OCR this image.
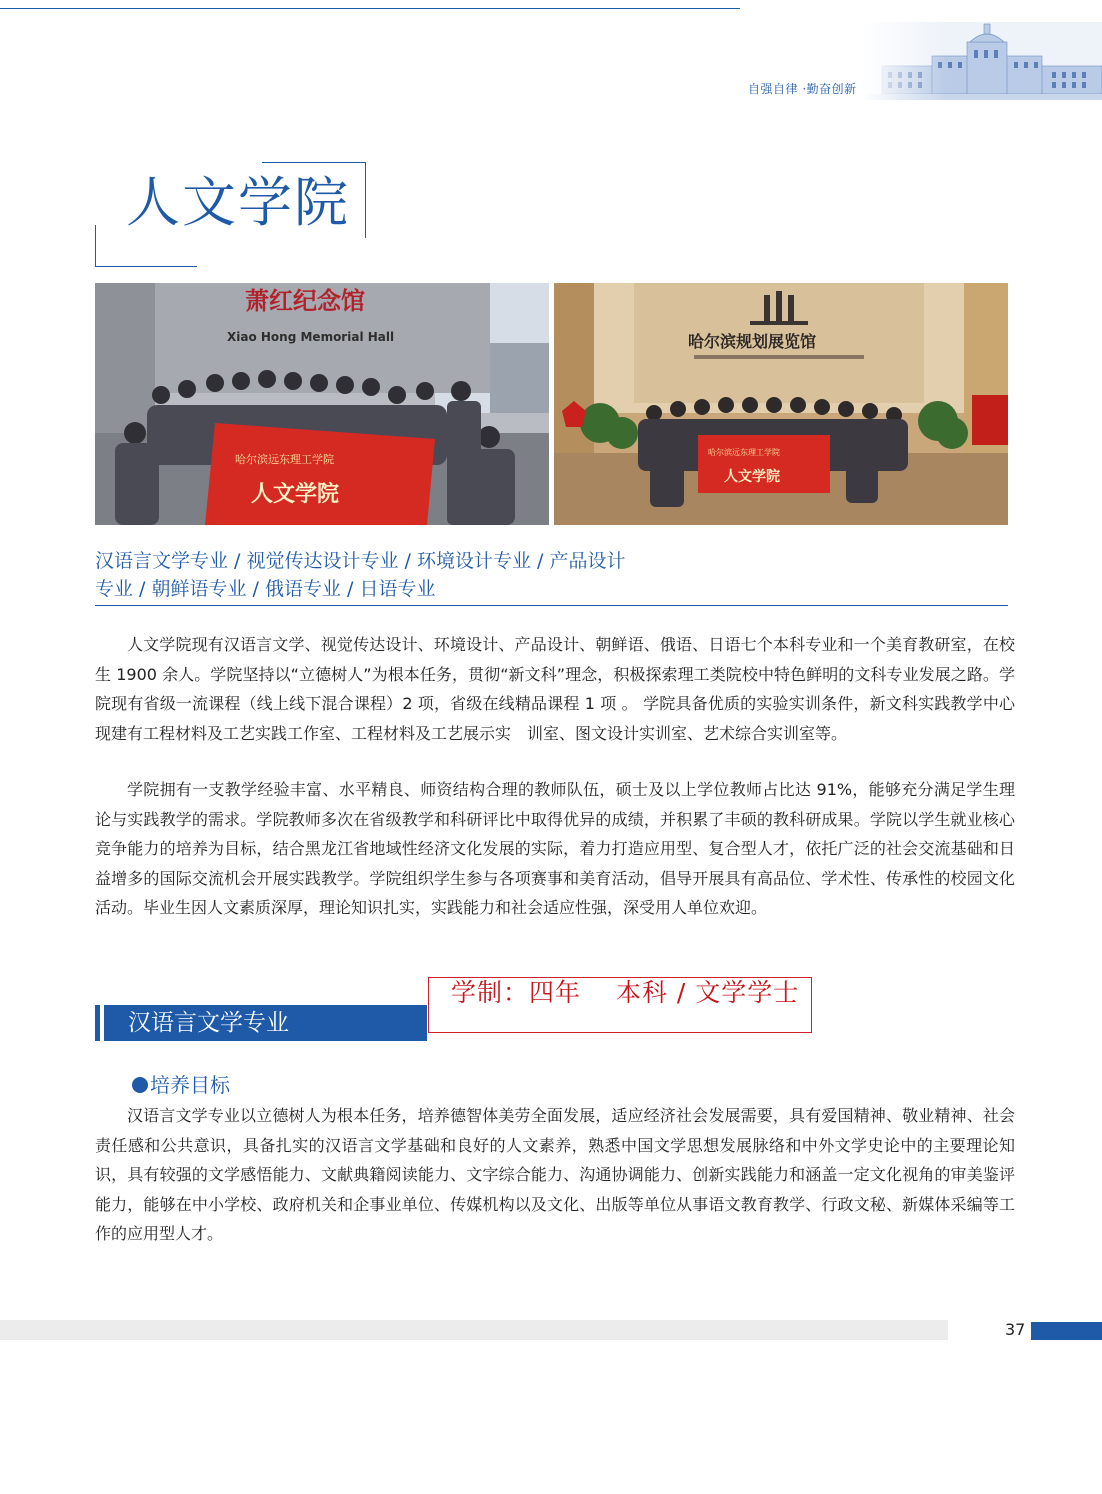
自强自律 ·勤奋创新
人文学院
萧红纪念馆
Xiao Hong Memorial Hall
哈尔滨远东理工学院
人文学院
哈尔滨规划展览馆
哈尔滨远东理工学院
人文学院
汉语言文学专业 / 视觉传达设计专业 / 环境设计专业 / 产品设计
专业 / 朝鲜语专业 / 俄语专业 / 日语专业

人文学院现有汉语言文学、视觉传达设计、环境设计、产品设计、朝鲜语、俄语、日语七个本科专业和一个美育教研室，在校生 1900 余人。学院坚持以“立德树人”为根本任务，贯彻“新文科”理念，积极探索理工类院校中特色鲜明的文科专业发展之路。学院现有省级一流课程（线上线下混合课程）2 项，省级在线精品课程 1 项 。 学院具备优质的实验实训条件，新文科实践教学中心现建有工程材料及工艺实践工作室、工程材料及工艺展示实　训室、图文设计实训室、艺术综合实训室等。

学院拥有一支教学经验丰富、水平精良、师资结构合理的教师队伍，硕士及以上学位教师占比达 91%，能够充分满足学生理论与实践教学的需求。学院教师多次在省级教学和科研评比中取得优异的成绩，并积累了丰硕的教科研成果。学院以学生就业核心竞争能力的培养为目标，结合黑龙江省地域性经济文化发展的实际，着力打造应用型、复合型人才，依托广泛的社会交流基础和日益增多的国际交流机会开展实践教学。学院组织学生参与各项赛事和美育活动，倡导开展具有高品位、学术性、传承性的校园文化活动。毕业生因人文素质深厚，理论知识扎实，实践能力和社会适应性强，深受用人单位欢迎。

汉语言文学专业
学制：四年　 本科 / 文学学士
培养目标

汉语言文学专业以立德树人为根本任务，培养德智体美劳全面发展，适应经济社会发展需要，具有爱国精神、敬业精神、社会责任感和公共意识，具备扎实的汉语言文学基础和良好的人文素养，熟悉中国文学思想发展脉络和中外文学史论中的主要理论知识，具有较强的文学感悟能力、文献典籍阅读能力、文字综合能力、沟通协调能力、创新实践能力和涵盖一定文化视角的审美鉴评能力，能够在中小学校、政府机关和企事业单位、传媒机构以及文化、出版等单位从事语文教育教学、行政文秘、新媒体采编等工作的应用型人才。

37
